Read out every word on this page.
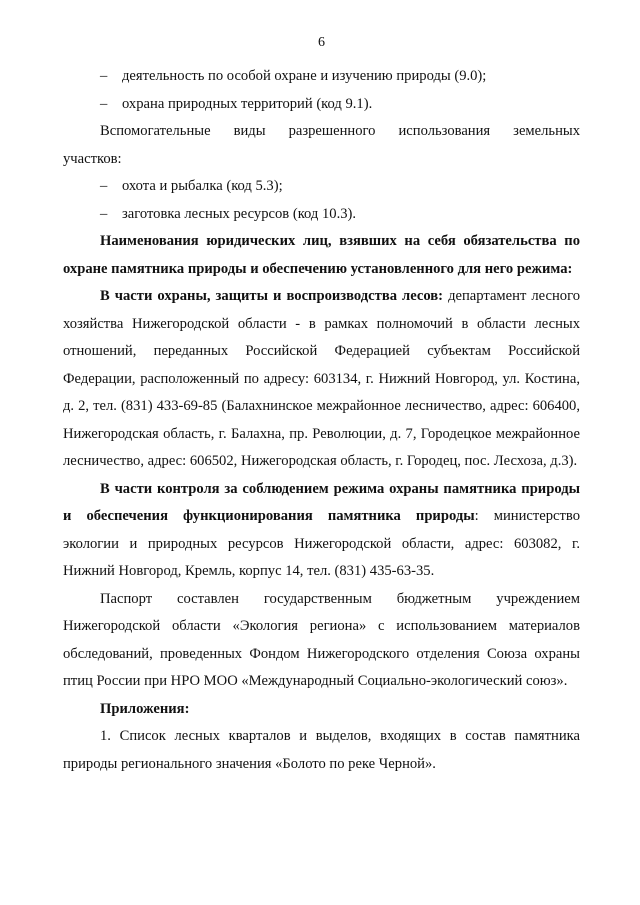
6

–	деятельность по особой охране и изучению природы (9.0);

–	охрана природных территорий (код 9.1).

Вспомогательные виды разрешенного использования земельных

участков:

–	охота и рыбалка (код 5.3);

–	заготовка лесных ресурсов (код 10.3).

Наименования юридических лиц, взявших на себя обязательства по охране памятника природы и обеспечению установленного для него режима:

В части охраны, защиты и воспроизводства лесов: департамент лесного хозяйства Нижегородской области - в рамках полномочий в области лесных отношений, переданных Российской Федерацией субъектам Российской Федерации, расположенный по адресу: 603134, г. Нижний Новгород, ул. Костина, д. 2, тел. (831) 433-69-85 (Балахнинское межрайонное лесничество, адрес: 606400, Нижегородская область, г. Балахна, пр. Революции, д. 7, Городецкое межрайонное лесничество, адрес: 606502, Нижегородская область, г. Городец, пос. Лесхоза, д.3).

В части контроля за соблюдением режима охраны памятника природы и обеспечения функционирования памятника природы: министерство экологии и природных ресурсов Нижегородской области, адрес: 603082, г. Нижний Новгород, Кремль, корпус 14, тел. (831) 435-63-35.

Паспорт составлен государственным бюджетным учреждением Нижегородской области «Экология региона» с использованием материалов обследований, проведенных Фондом Нижегородского отделения Союза охраны птиц России при НРО МОО «Международный Социально-экологический союз».

Приложения:

1. Список лесных кварталов и выделов, входящих в состав памятника природы регионального значения «Болото по реке Черной».
